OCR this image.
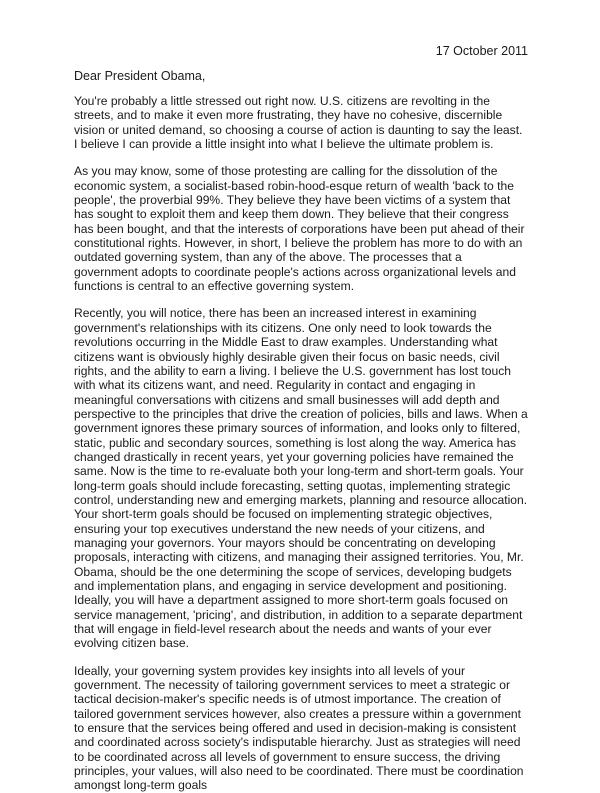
17 October 2011
Dear President Obama,

You're probably a little stressed out right now. U.S. citizens are revolting in the streets, and to make it even more frustrating, they have no cohesive, discernible vision or united demand, so choosing a course of action is daunting to say the least. I believe I can provide a little insight into what I believe the ultimate problem is.

As you may know, some of those protesting are calling for the dissolution of the economic system, a socialist-based robin-hood-esque return of wealth 'back to the people', the proverbial 99%. They believe they have been victims of a system that has sought to exploit them and keep them down. They believe that their congress has been bought, and that the interests of corporations have been put ahead of their constitutional rights. However, in short, I believe the problem has more to do with an outdated governing system, than any of the above. The processes that a government adopts to coordinate people's actions across organizational levels and functions is central to an effective governing system.

Recently, you will notice, there has been an increased interest in examining government's relationships with its citizens. One only need to look towards the revolutions occurring in the Middle East to draw examples. Understanding what citizens want is obviously highly desirable given their focus on basic needs, civil rights, and the ability to earn a living. I believe the U.S. government has lost touch with what its citizens want, and need. Regularity in contact and engaging in meaningful conversations with citizens and small businesses will add depth and perspective to the principles that drive the creation of policies, bills and laws. When a government ignores these primary sources of information, and looks only to filtered, static, public and secondary sources, something is lost along the way. America has changed drastically in recent years, yet your governing policies have remained the same. Now is the time to re-evaluate both your long-term and short-term goals. Your long-term goals should include forecasting, setting quotas, implementing strategic control, understanding new and emerging markets, planning and resource allocation. Your short-term goals should be focused on implementing strategic objectives, ensuring your top executives understand the new needs of your citizens, and managing your governors. Your mayors should be concentrating on developing proposals, interacting with citizens, and managing their assigned territories. You, Mr. Obama, should be the one determining the scope of services, developing budgets and implementation plans, and engaging in service development and positioning. Ideally, you will have a department assigned to more short-term goals focused on service management, 'pricing', and distribution, in addition to a separate department that will engage in field-level research about the needs and wants of your ever evolving citizen base.

Ideally, your governing system provides key insights into all levels of your government. The necessity of tailoring government services to meet a strategic or tactical decision-maker's specific needs is of utmost importance. The creation of tailored government services however, also creates a pressure within a government to ensure that the services being offered and used in decision-making is consistent and coordinated across society's indisputable hierarchy. Just as strategies will need to be coordinated across all levels of government to ensure success, the driving principles, your values, will also need to be coordinated. There must be coordination amongst long-term goals
